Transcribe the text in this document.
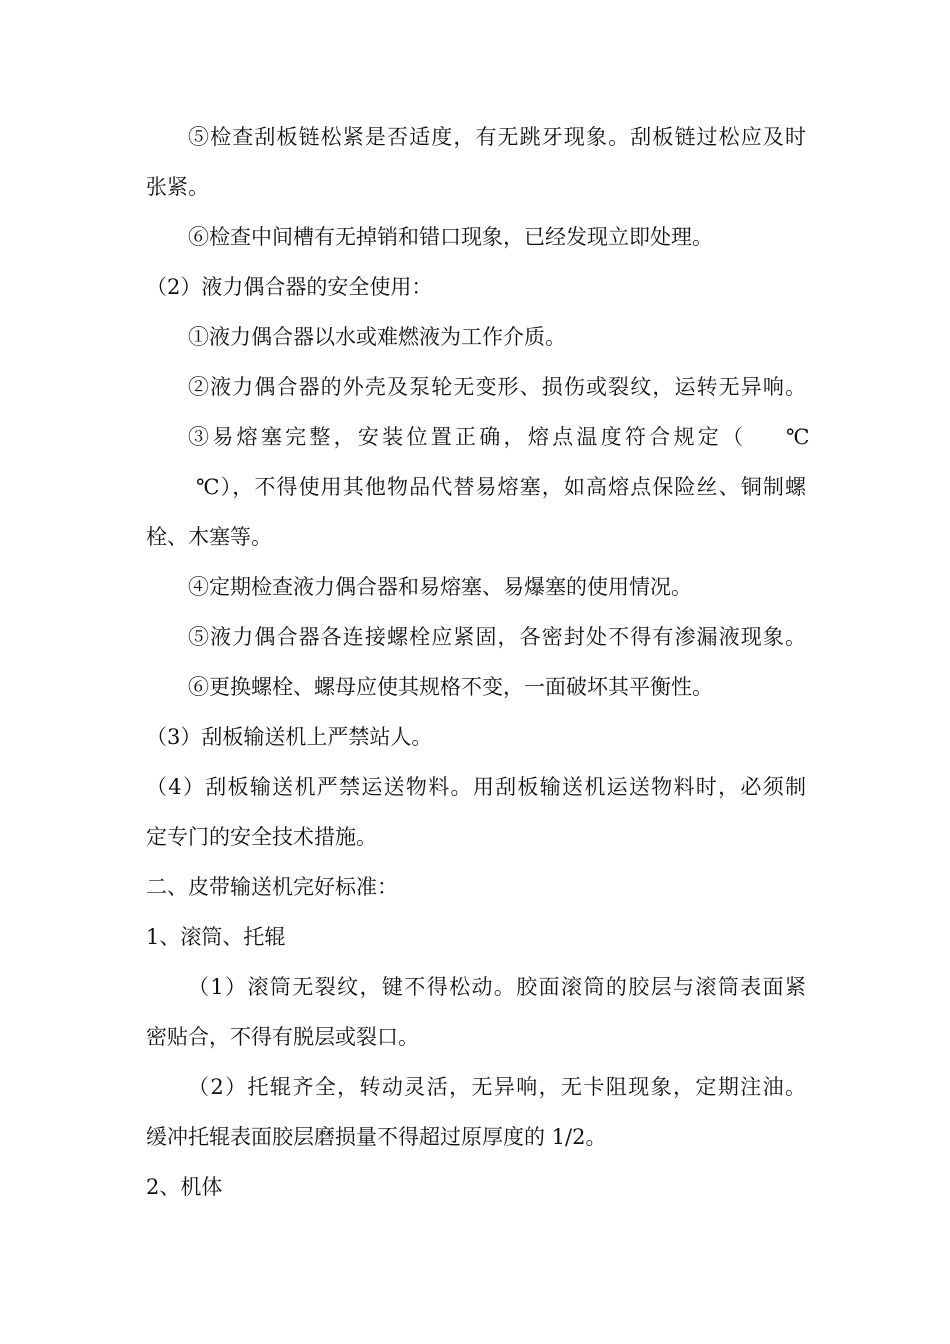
⑤检查刮板链松紧是否适度，有无跳牙现象。刮板链过松应及时
张紧。
⑥检查中间槽有无掉销和错口现象，已经发现立即处理。
（2）液力偶合器的安全使用：
①液力偶合器以水或难燃液为工作介质。
②液力偶合器的外壳及泵轮无变形、损伤或裂纹，运转无异响。
③易熔塞完整，安装位置正确，熔点温度符合规定（ ℃
℃），不得使用其他物品代替易熔塞，如高熔点保险丝、铜制螺
栓、木塞等。
④定期检查液力偶合器和易熔塞、易爆塞的使用情况。
⑤液力偶合器各连接螺栓应紧固，各密封处不得有渗漏液现象。
⑥更换螺栓、螺母应使其规格不变，一面破坏其平衡性。
（3）刮板输送机上严禁站人。
（4）刮板输送机严禁运送物料。用刮板输送机运送物料时，必须制
定专门的安全技术措施。
二、皮带输送机完好标准：
1、滚筒、托辊
（1）滚筒无裂纹，键不得松动。胶面滚筒的胶层与滚筒表面紧
密贴合，不得有脱层或裂口。
（2）托辊齐全，转动灵活，无异响，无卡阻现象，定期注油。
缓冲托辊表面胶层磨损量不得超过原厚度的 1/2。
2、机体
